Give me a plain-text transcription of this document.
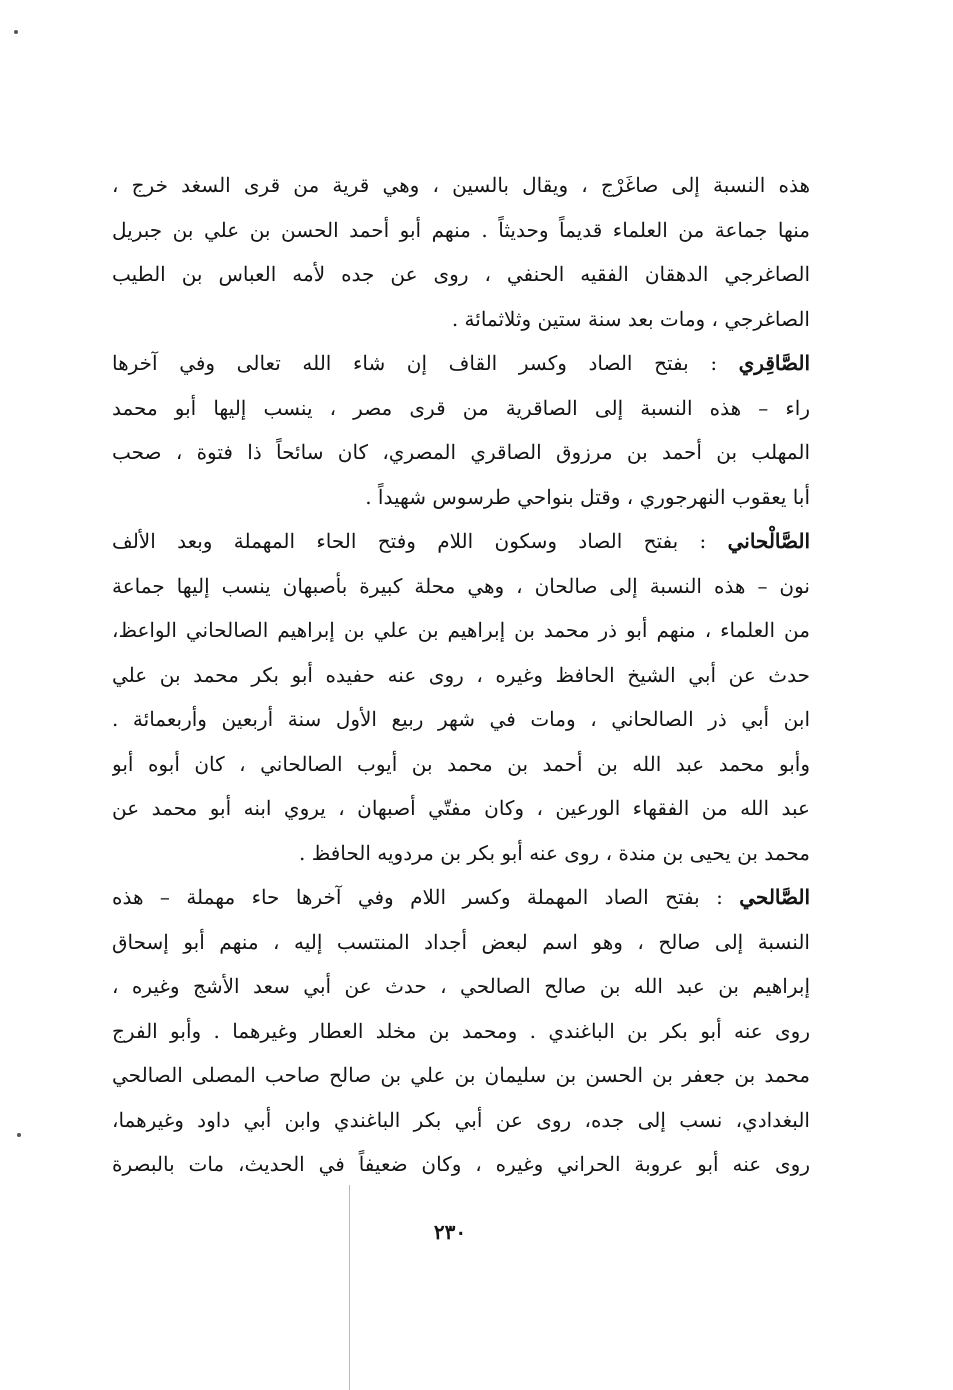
هذه النسبة إلى صاغَرْج ، ويقال بالسين ، وهي قرية من قرى السغد خرج ،
منها جماعة من العلماء قديماً وحديثاً . منهم أبو أحمد الحسن بن علي بن جبريل
الصاغرجي الدهقان الفقيه الحنفي ، روى عن جده لأمه العباس بن الطيب
الصاغرجي ، ومات بعد سنة ستين وثلاثمائة .
الصَّاقِري : بفتح الصاد وكسر القاف إن شاء الله تعالى وفي آخرها
راء – هذه النسبة إلى الصاقرية من قرى مصر ، ينسب إليها أبو محمد
المهلب بن أحمد بن مرزوق الصاقري المصري، كان سائحاً ذا فتوة ، صحب
أبا يعقوب النهرجوري ، وقتل بنواحي طرسوس شهيداً .
الصَّالْحاني : بفتح الصاد وسكون اللام وفتح الحاء المهملة وبعد الألف
نون – هذه النسبة إلى صالحان ، وهي محلة كبيرة بأصبهان ينسب إليها جماعة
من العلماء ، منهم أبو ذر محمد بن إبراهيم بن علي بن إبراهيم الصالحاني الواعظ،
حدث عن أبي الشيخ الحافظ وغيره ، روى عنه حفيده أبو بكر محمد بن علي
ابن أبي ذر الصالحاني ، ومات في شهر ربيع الأول سنة أربعين وأربعمائة .
وأبو محمد عبد الله بن أحمد بن محمد بن أيوب الصالحاني ، كان أبوه أبو
عبد الله من الفقهاء الورعين ، وكان مفتّي أصبهان ، يروي ابنه أبو محمد عن
محمد بن يحيى بن مندة ، روى عنه أبو بكر بن مردويه الحافظ .
الصَّالحي : بفتح الصاد المهملة وكسر اللام وفي آخرها حاء مهملة – هذه
النسبة إلى صالح ، وهو اسم لبعض أجداد المنتسب إليه ، منهم أبو إسحاق
إبراهيم بن عبد الله بن صالح الصالحي ، حدث عن أبي سعد الأشج وغيره ،
روى عنه أبو بكر بن الباغندي . ومحمد بن مخلد العطار وغيرهما . وأبو الفرج
محمد بن جعفر بن الحسن بن سليمان بن علي بن صالح صاحب المصلى الصالحي
البغدادي، نسب إلى جده، روى عن أبي بكر الباغندي وابن أبي داود وغيرهما،
روى عنه أبو عروبة الحراني وغيره ، وكان ضعيفاً في الحديث، مات بالبصرة
٢٣٠
